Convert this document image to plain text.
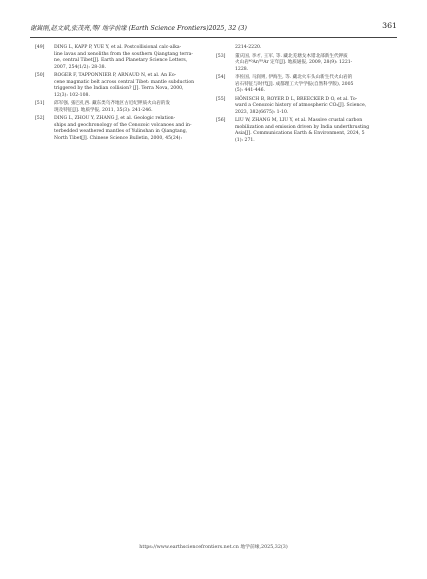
谢嵩刚,赵文斌,张茂亮,等/ 地学前缘 (Earth Science Frontiers)2025, 32 (3)	361
[49]	DING L, KAPP P, YUE Y, et al. Postcollisional calc-alka-
line lavas and xenoliths from the southern Qiangtang terra-
ne, central Tibet[J]. Earth and Planetary Science Letters,
2007, 254(1/2): 28-38.
[50]	ROGER F, TAPPONNIER P, ARNAUD N, et al. An Eo-
cene magmatic belt across central Tibet: mantle subduction
triggered by the Indian collision? [J]. Terra Nova, 2000,
12(3): 102-108.
[51]	邱军强, 張巴扎西. 藏东类乌齐地区古近纪钾质火山岩的发
现及特征[J]. 地质学报, 2011, 35(3): 241-246.
[52]	DING L, ZHOU Y, ZHANG J, et al. Geologic relation-
ships and geochronology of the Cenozoic volcanoes and in-
terbedded weathered mantles of Yulinshan in Qiangtang,
North Tibet[J]. Chinese Science Bulletin, 2000, 45(24):
2214-2220.
[53]	董庆国, 李才, 王军, 等. 藏北羌塘戈木错北部新生代钾质
火山岩⁴⁰Ar/³⁹Ar 定年[J]. 地质通报, 2009, 28(9): 1221-
1228.
[54]	李佐国, 马润则, 伊海生, 等. 藏北火车头山新生代火山岩的
岩石特征与时代[J]. 成都理工大学学报(自然科学版), 2005
(5): 441-446.
[55]	HÖNISCH B, ROYER D L, BREECKER D O, et al. To-
ward a Cenozoic history of atmospheric CO₂[J]. Science,
2023, 382(6675): 1-10.
[56]	LIU W, ZHANG M, LIU Y, et al. Massive crustal carbon
mobilization and emission driven by India underthrusting
Asia[J]. Communications Earth & Environment, 2024, 5
(1): 271.
https://www.earthsciencefrontiers.net.cn 地学前缘,2025,32(3)
